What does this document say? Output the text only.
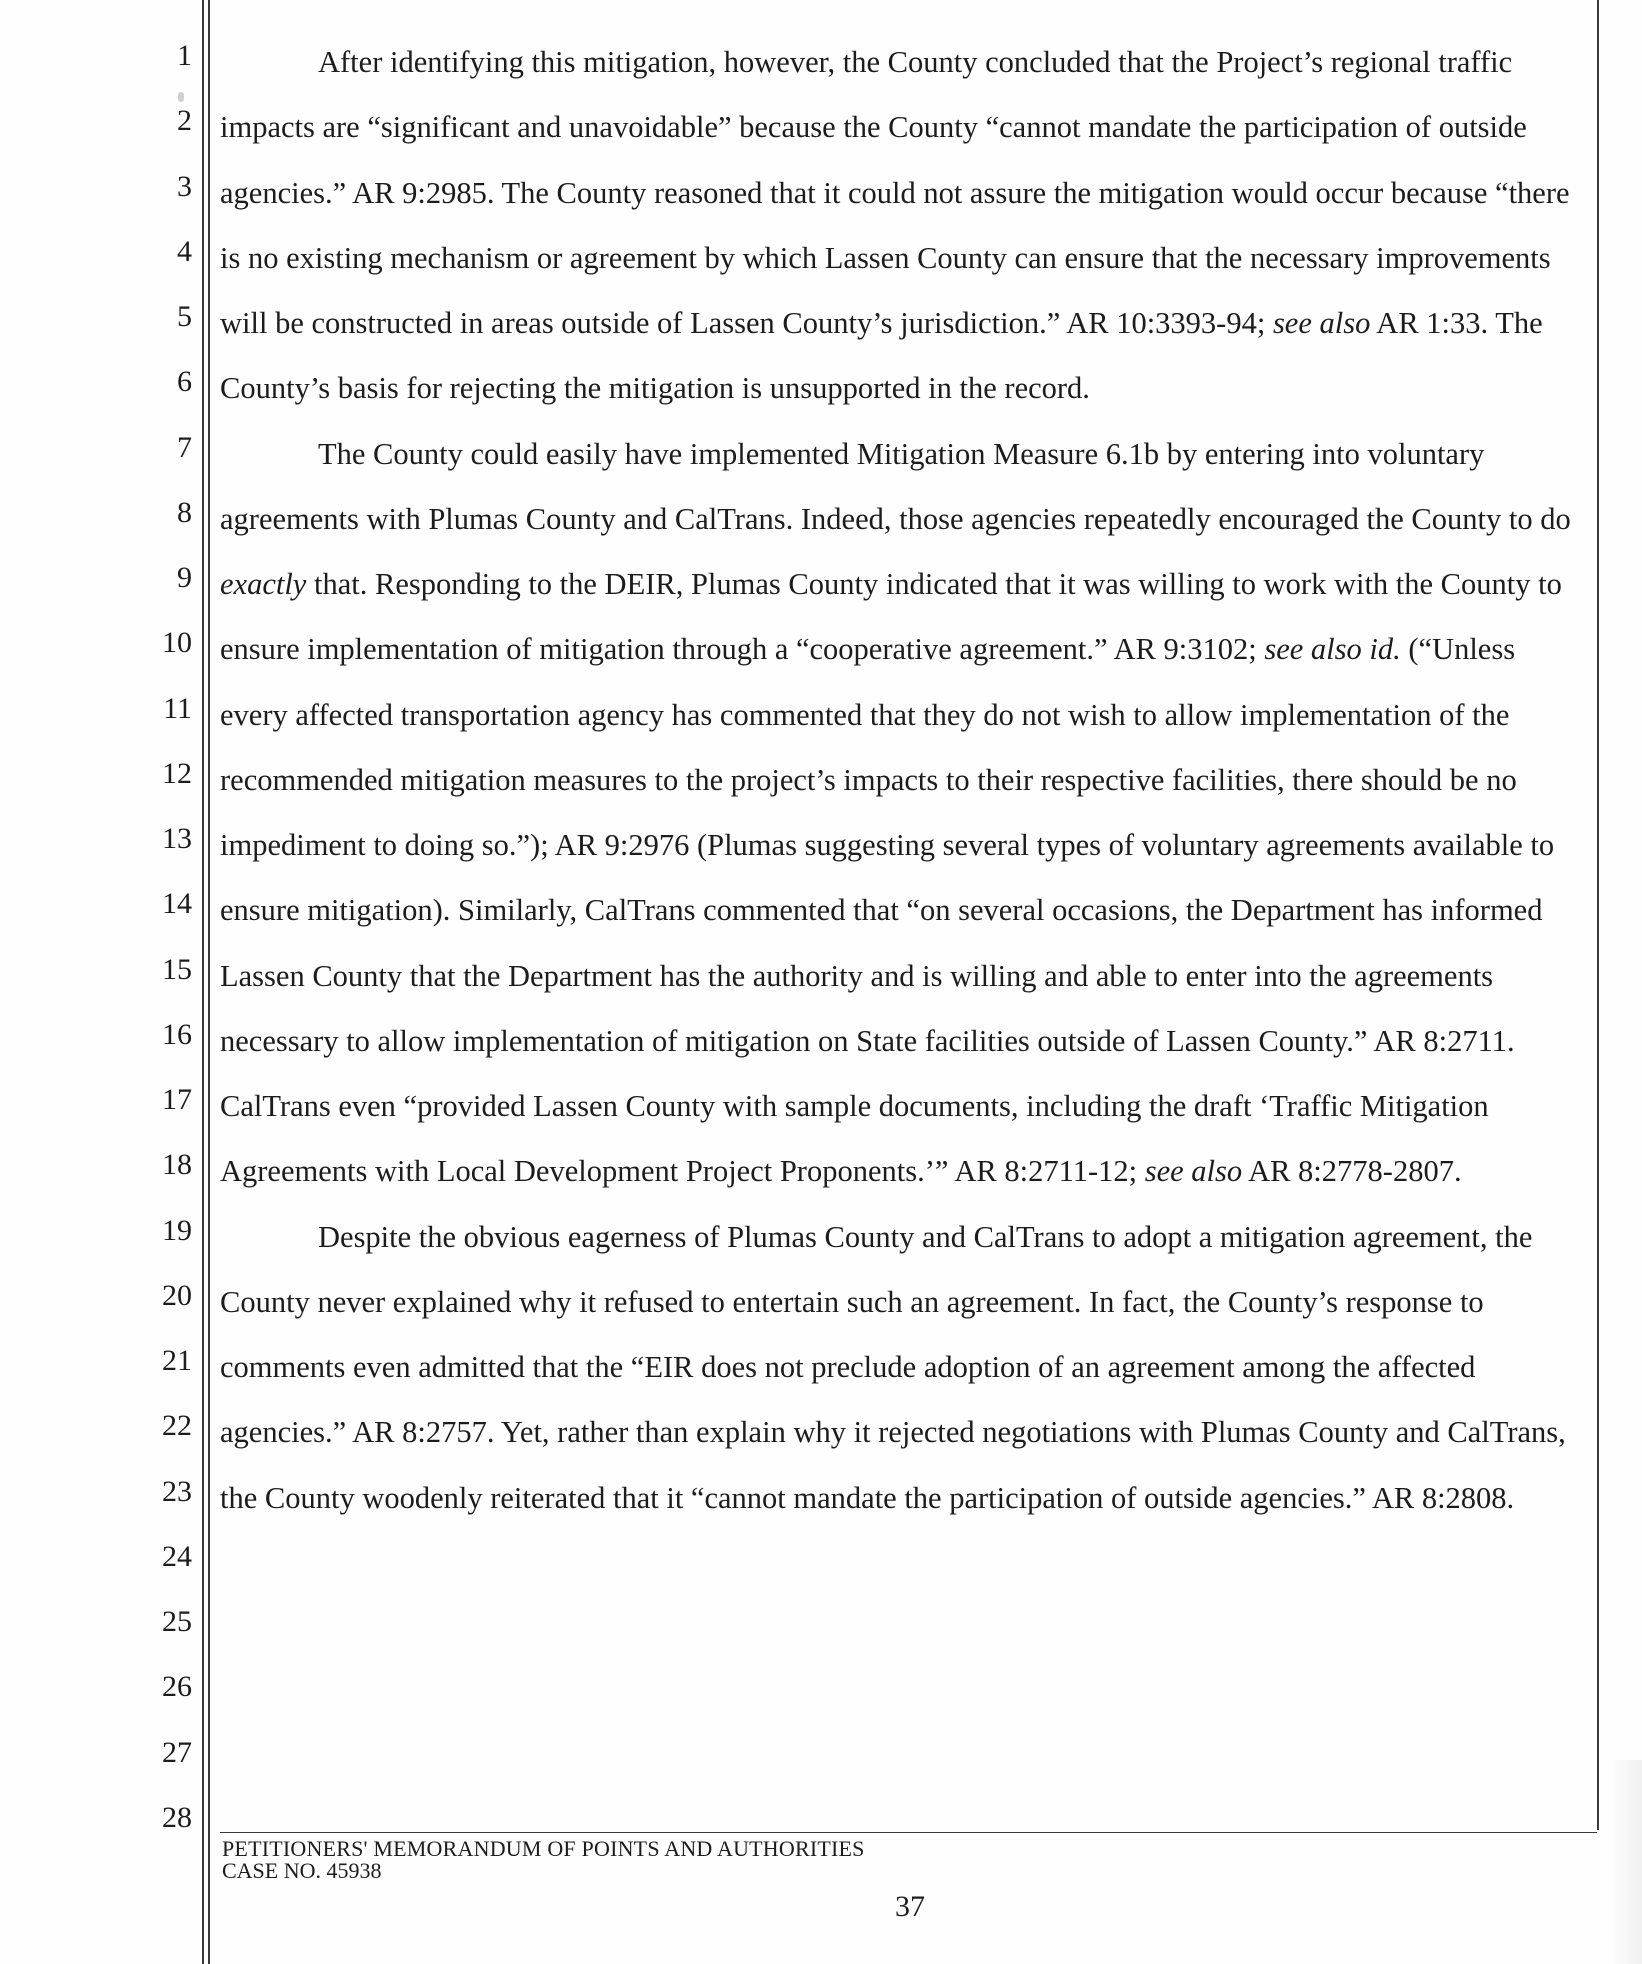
1
2
3
4
5
6
7
8
9
10
11
12
13
14
15
16
17
18
19
20
21
22
23
24
25
26
27
28

After identifying this mitigation, however, the County concluded that the Project’s regional traffic impacts are “significant and unavoidable” because the County “cannot mandate the participation of outside agencies.” AR 9:2985. The County reasoned that it could not assure the mitigation would occur because “there is no existing mechanism or agreement by which Lassen County can ensure that the necessary improvements will be constructed in areas outside of Lassen County’s jurisdiction.” AR 10:3393-94; see also AR 1:33. The County’s basis for rejecting the mitigation is unsupported in the record.

The County could easily have implemented Mitigation Measure 6.1b by entering into voluntary agreements with Plumas County and CalTrans. Indeed, those agencies repeatedly encouraged the County to do exactly that. Responding to the DEIR, Plumas County indicated that it was willing to work with the County to ensure implementation of mitigation through a “cooperative agreement.” AR 9:3102; see also id. (“Unless every affected transportation agency has commented that they do not wish to allow implementation of the recommended mitigation measures to the project’s impacts to their respective facilities, there should be no impediment to doing so.”); AR 9:2976 (Plumas suggesting several types of voluntary agreements available to ensure mitigation). Similarly, CalTrans commented that “on several occasions, the Department has informed Lassen County that the Department has the authority and is willing and able to enter into the agreements necessary to allow implementation of mitigation on State facilities outside of Lassen County.” AR 8:2711. CalTrans even “provided Lassen County with sample documents, including the draft ‘Traffic Mitigation Agreements with Local Development Project Proponents.’” AR 8:2711-12; see also AR 8:2778-2807.

Despite the obvious eagerness of Plumas County and CalTrans to adopt a mitigation agreement, the County never explained why it refused to entertain such an agreement. In fact, the County’s response to comments even admitted that the “EIR does not preclude adoption of an agreement among the affected agencies.” AR 8:2757. Yet, rather than explain why it rejected negotiations with Plumas County and CalTrans, the County woodenly reiterated that it “cannot mandate the participation of outside agencies.” AR 8:2808.

PETITIONERS' MEMORANDUM OF POINTS AND AUTHORITIES
CASE NO. 45938
37
